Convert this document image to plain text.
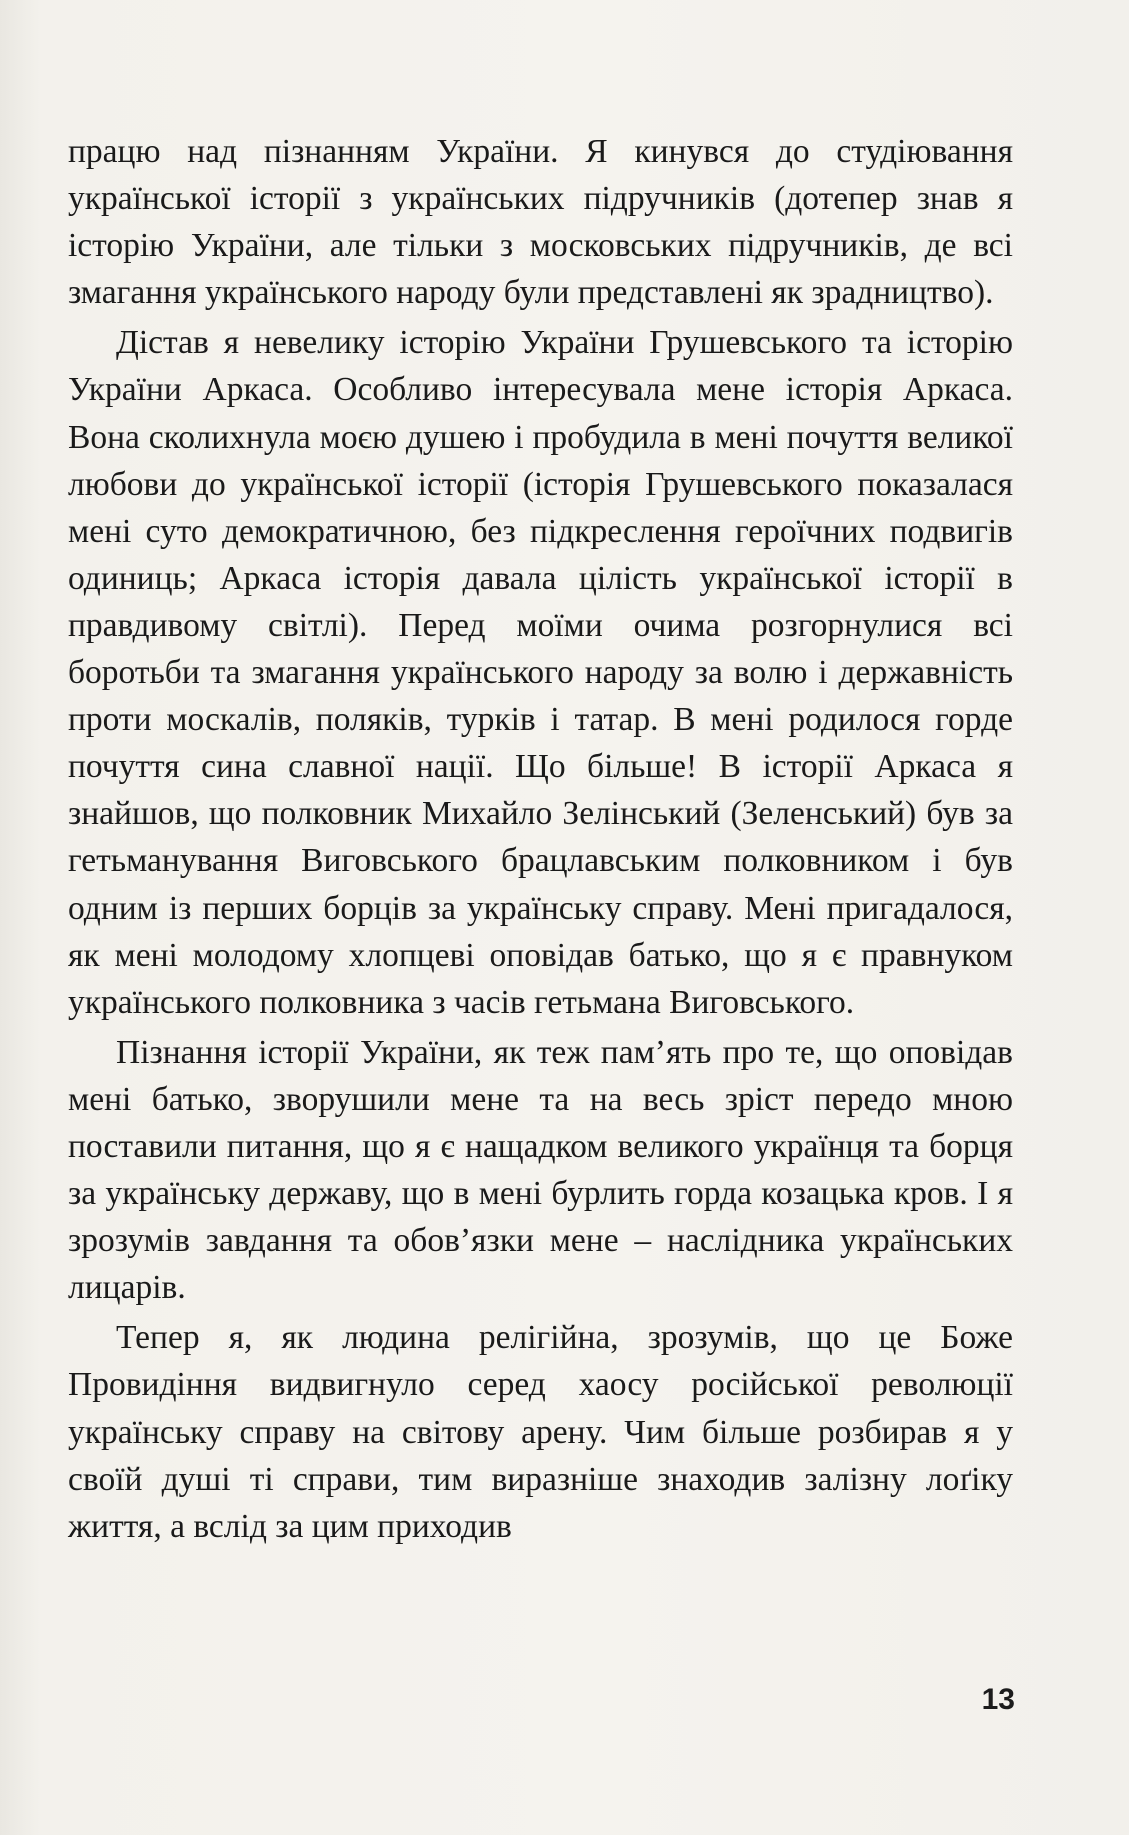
працю над пізнанням України. Я кинувся до студіювання української історії з українських підручників (дотепер знав я історію України, але тільки з московських підручників, де всі змагання українського народу були представлені як зрадництво).

Дістав я невелику історію України Грушевського та історію України Аркаса. Особливо інтересувала мене історія Аркаса. Вона сколихнула моєю душею і пробудила в мені почуття великої любови до української історії (історія Грушевського показалася мені суто демократичною, без підкреслення героїчних подвигів одиниць; Аркаса історія давала цілість української історії в правдивому світлі). Перед моїми очима розгорнулися всі боротьби та змагання українського народу за волю і державність проти москалів, поляків, турків і татар. В мені родилося горде почуття сина славної нації. Що більше! В історії Аркаса я знайшов, що полковник Михайло Зелінський (Зеленський) був за гетьманування Виговського брацлавським полковником і був одним із перших борців за українську справу. Мені пригадалося, як мені молодому хлопцеві оповідав батько, що я є правнуком українського полковника з часів гетьмана Виговського.

Пізнання історії України, як теж пам’ять про те, що оповідав мені батько, зворушили мене та на весь зріст передо мною поставили питання, що я є нащадком великого українця та борця за українську державу, що в мені бурлить горда козацька кров. І я зрозумів завдання та обов’язки мене – наслідника українських лицарів.

Тепер я, як людина релігійна, зрозумів, що це Боже Провидіння видвигнуло серед хаосу російської революції українську справу на світову арену. Чим більше розбирав я у своїй душі ті справи, тим виразніше знаходив залізну лоґіку життя, а вслід за цим приходив

13
